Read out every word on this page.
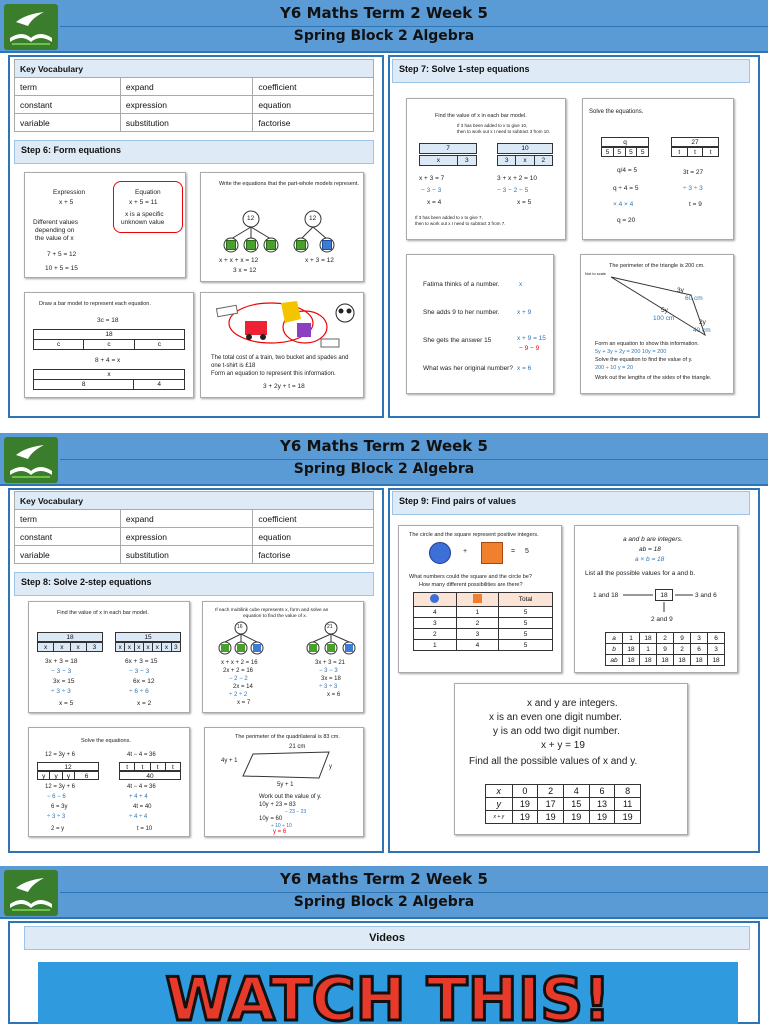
Y6 Maths Term 2 Week 5
Spring Block 2 Algebra
Key Vocabulary		
term	expand	coefficient
constant	expression	equation
variable	substitution	factorise
Step 6: Form equations
Step 7: Solve 1-step equations
Expression
x + 5
Equation
x + 5 = 11
Different values
depending on
the value of x
x is a specific
unknown value
7 + 5 = 12
10 + 5 = 15
Write the equations that the part-whole models represent.
12	12
x + x + x = 12
3 x = 12
x + 3 = 12
Draw a bar model to represent each equation.
3c = 18
18
c	c	c
8 + 4 = x
x
8	4
The total cost of a train, two bucket and spades and
one t-shirt is £18
Form an equation to represent this information.
3 + 2y + t = 18
Find the value of x in each bar model.
If 3 has been added to x to give 10,
then to work out x I need to subtract 3 from 10.
7
x	3
10
3	x	2
x + 3 = 7
− 3 − 3
x = 4
3 + x + 2 = 10
− 3 − 2 − 5
x = 5
If 3 has been added to x to give 7,
then to work out x I need to subtract 3 from 7.
Solve the equations.
q
5	5	5	5
27
t	t	t
q/4 = 5	3t = 27
q ÷ 4 = 5	÷ 3 ÷ 3
× 4 × 4	t = 9
q = 20
Fatima thinks of a number.	x
She adds 9 to her number.	x + 9
She gets the answer 15	x + 9 = 15
− 9 − 9
What was her original number? x = 6
The perimeter of the triangle is 200 cm.
Not to scale
3y
60 cm
5y
100 cm
2y
40 cm
Form an equation to show this information.
5y + 3y + 2y = 200 10y = 200
Solve the equation to find the value of y.
200 ÷ 10 y = 20
Work out the lengths of the sides of the triangle.
Y6 Maths Term 2 Week 5
Spring Block 2 Algebra
Key Vocabulary		
term	expand	coefficient
constant	expression	equation
variable	substitution	factorise
Step 8: Solve 2-step equations
Step 9: Find pairs of values
Find the value of x in each bar model.
18
x	x	x	3
15
x x x x x x 3
3x + 3 = 18
− 3 − 3
3x = 15
÷ 3 ÷ 3
x = 5
6x + 3 = 15
− 3 − 3
6x = 12
÷ 6 ÷ 6
x = 2
If each multilink cube represents x, form and solve an
equation to find the value of x.
16	21
x + x + 2 = 16
2x + 2 = 16
− 2 − 2
2x = 14
÷ 2 ÷ 2
x = 7
3x + 3 = 21
− 3 − 3
3x = 18
÷ 3 ÷ 3
x = 6
Solve the equations.
12 = 3y + 6
12
y	y	y	6
12 = 3y + 6
− 6 − 6
6 = 3y
÷ 3 ÷ 3
2 = y
4t − 4 = 36
t	t	t	t
40
4t − 4 = 36
+ 4 + 4
4t = 40
÷ 4 ÷ 4
t = 10
The perimeter of the quadrilateral is 83 cm.
21 cm
4y + 1
y
5y + 1
Work out the value of y.
10y + 23 = 83
− 23 − 23
10y = 60
÷ 10 ÷ 10
y = 6
The circle and the square represent positive integers.
+	= 5
What numbers could the square and the circle be?
How many different possibilities are there?
		Total
4	1	5
3	2	5
2	3	5
1	4	5
a and b are integers.
ab = 18
a × b = 18
List all the possible values for a and b.
18
1 and 18	3 and 6
2 and 9
a	1	18	2	9	3	6
b	18	1	9	2	6	3
ab	18	18	18	18	18	18
x and y are integers.
x is an even one digit number.
y is an odd two digit number.
x + y = 19
Find all the possible values of x and y.
x	0	2	4	6	8
y	19	17	15	13	11
x + y	19	19	19	19	19
Y6 Maths Term 2 Week 5
Spring Block 2 Algebra
Videos
WATCH THIS!
